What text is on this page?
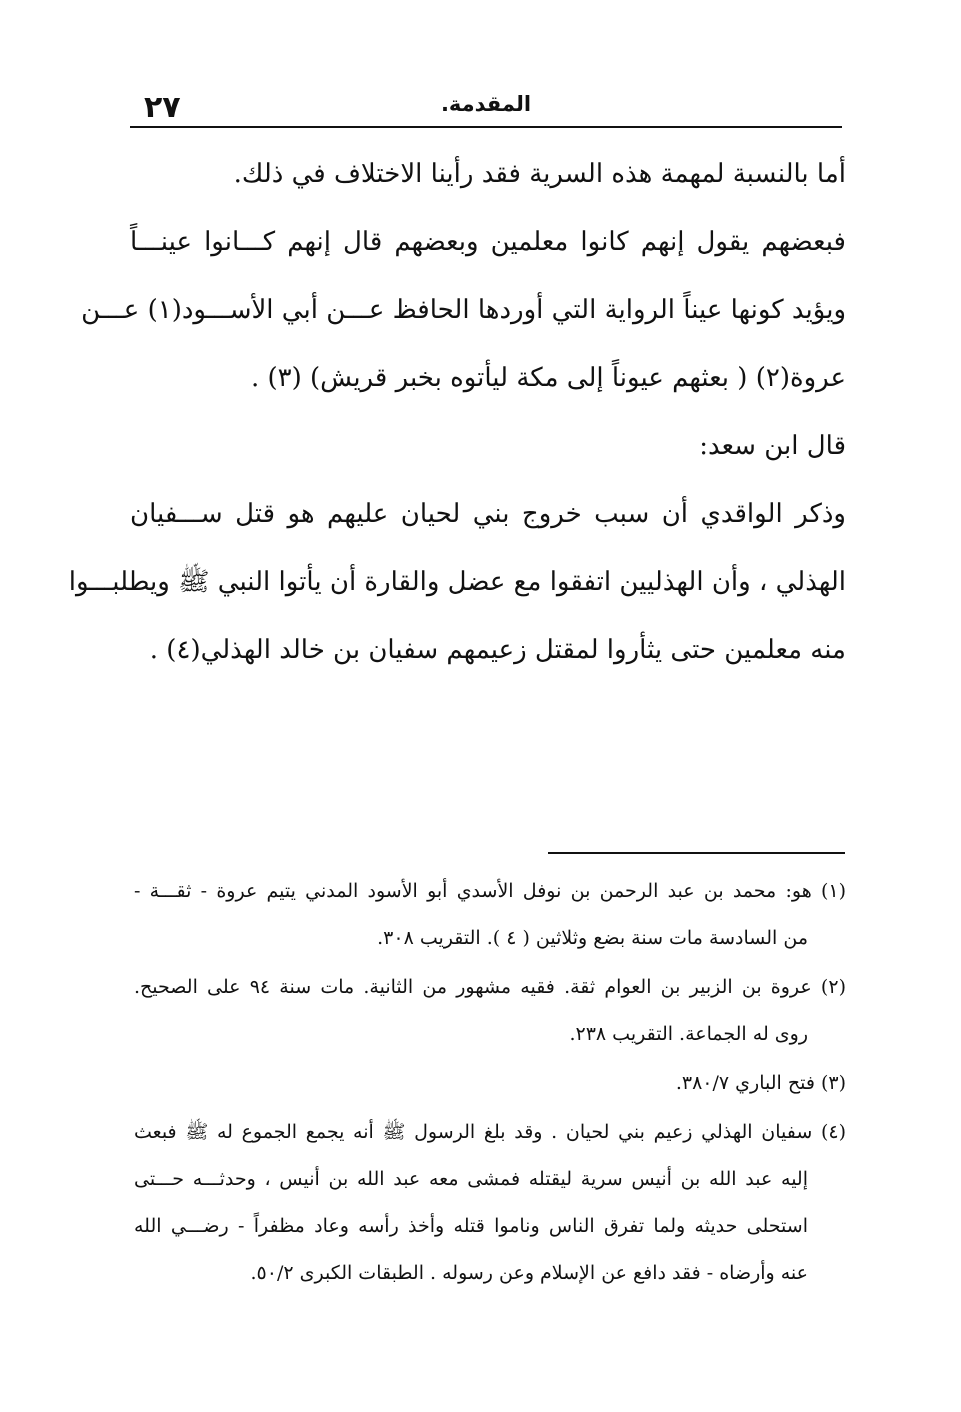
٢٧	المقدمة.
أما بالنسبة لمهمة هذه السرية فقد رأينا الاختلاف في ذلك.
فبعضهم يقول إنهم كانوا معلمين وبعضهم قال إنهم كـــانوا عينـــاً
ويؤيد كونها عيناً الرواية التي أوردها الحافظ عـــن أبي الأســـود(١) عـــن
عروة(٢) ( بعثهم عيوناً إلى مكة ليأتوه بخبر قريش) (٣) .
قال ابن سعد:
وذكر الواقدي أن سبب خروج بني لحيان عليهم هو قتل ســـفيان
الهذلي ، وأن الهذليين اتفقوا مع عضل والقارة أن يأتوا النبي ﷺ ويطلبـــوا
منه معلمين حتى يثأروا لمقتل زعيمهم سفيان بن خالد الهذلي(٤) .
(١) هو: محمد بن عبد الرحمن بن نوفل الأسدي أبو الأسود المدني يتيم عروة - ثقـــة -
من السادسة مات سنة بضع وثلاثين ( ٤ ). التقريب ٣٠٨.
(٢) عروة بن الزبير بن العوام ثقة. فقيه مشهور من الثانية. مات سنة ٩٤ على الصحيح.
روى له الجماعة. التقريب ٢٣٨.
(٣) فتح الباري ٣٨٠/٧.
(٤) سفيان الهذلي زعيم بني لحيان . وقد بلغ الرسول ﷺ أنه يجمع الجموع له ﷺ فبعث
إليه عبد الله بن أنيس سرية ليقتله فمشى معه عبد الله بن أنيس ، وحدثـــه حـــتى
استحلى حديثه ولما تفرق الناس وناموا قتله وأخذ رأسه وعاد مظفراً - رضـــي الله
عنه وأرضاه - فقد دافع عن الإسلام وعن رسوله . الطبقات الكبرى ٥٠/٢.
